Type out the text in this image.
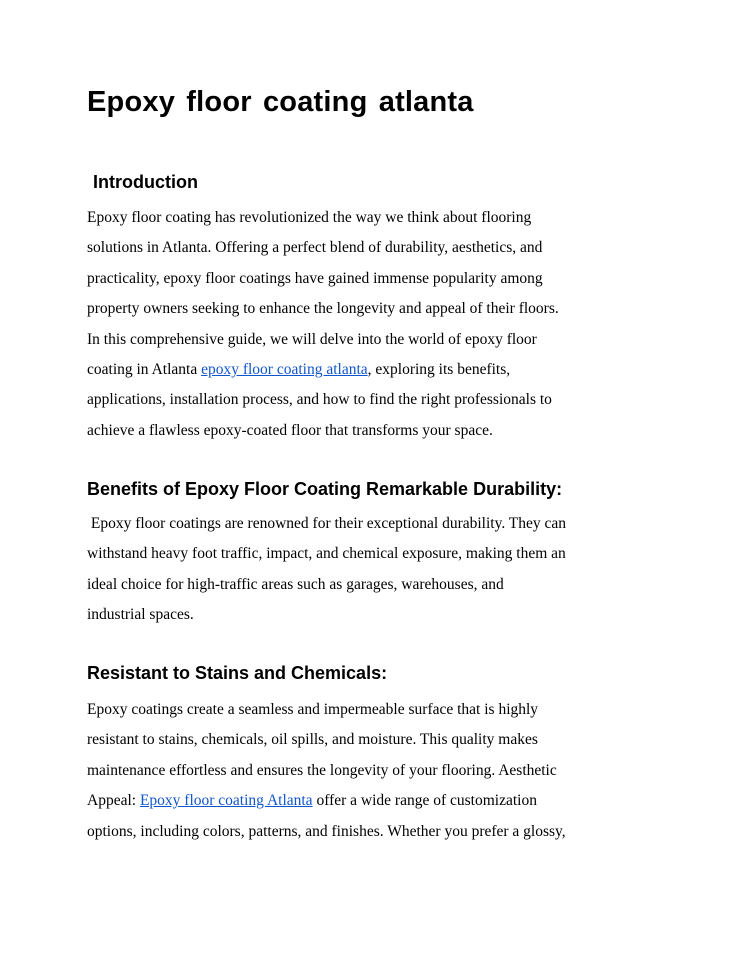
Epoxy floor coating atlanta
Introduction

Epoxy floor coating has revolutionized the way we think about flooring
solutions in Atlanta. Offering a perfect blend of durability, aesthetics, and
practicality, epoxy floor coatings have gained immense popularity among
property owners seeking to enhance the longevity and appeal of their floors.
In this comprehensive guide, we will delve into the world of epoxy floor
coating in Atlanta epoxy floor coating atlanta, exploring its benefits,
applications, installation process, and how to find the right professionals to
achieve a flawless epoxy-coated floor that transforms your space.

Benefits of Epoxy Floor Coating Remarkable Durability:

Epoxy floor coatings are renowned for their exceptional durability. They can
withstand heavy foot traffic, impact, and chemical exposure, making them an
ideal choice for high-traffic areas such as garages, warehouses, and
industrial spaces.

Resistant to Stains and Chemicals:

Epoxy coatings create a seamless and impermeable surface that is highly
resistant to stains, chemicals, oil spills, and moisture. This quality makes
maintenance effortless and ensures the longevity of your flooring. Aesthetic
Appeal: Epoxy floor coating Atlanta offer a wide range of customization
options, including colors, patterns, and finishes. Whether you prefer a glossy,
